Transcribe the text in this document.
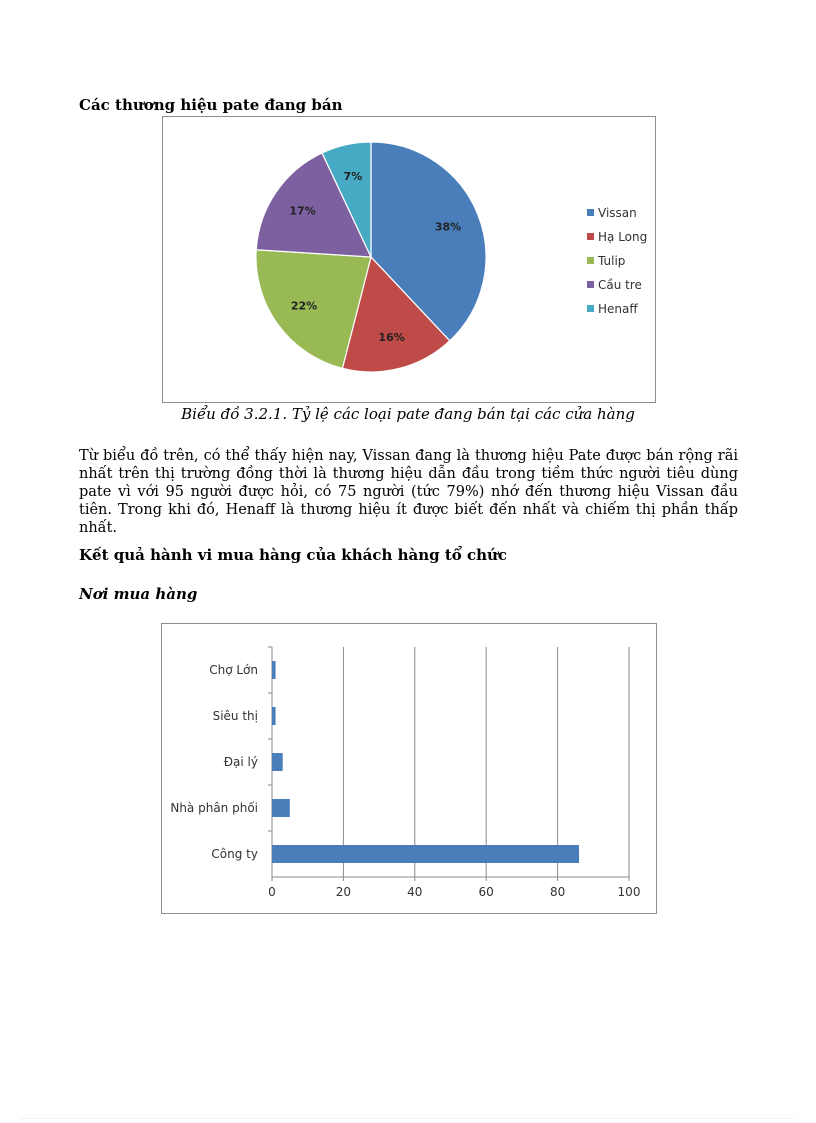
Các thương hiệu pate đang bán
38%
16%
22%
17%
7%
Vissan
Hạ Long
Tulip
Cầu tre
Henaff
Biểu đồ 3.2.1. Tỷ lệ các loại pate đang bán tại các cửa hàng

Từ biểu đồ trên, có thể thấy hiện nay, Vissan đang là thương hiệu Pate được bán rộng rãi nhất trên thị trường đồng thời là thương hiệu dẫn đầu trong tiềm thức người tiêu dùng pate vì với 95 người được hỏi, có 75 người (tức 79%) nhớ đến thương hiệu Vissan đầu tiên. Trong khi đó, Henaff là thương hiệu ít được biết đến nhất và chiếm thị phần thấp nhất.

Kết quả hành vi mua hàng của khách hàng tổ chức
Nơi mua hàng
0	20	40	60	80	100
Chợ Lớn
Siêu thị
Đại lý
Nhà phân phối
Công ty
